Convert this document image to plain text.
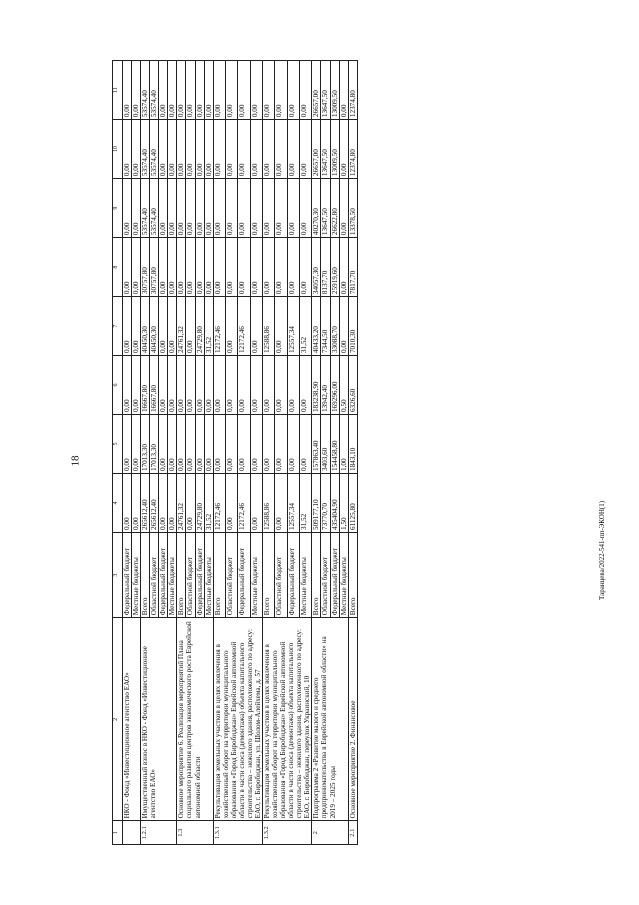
18
Таранцева/2022-541-пп-ЭКОН(1)
1	2	3	4	5	6	7	8	9	10	11
	НКО - Фонд «Инвестиционное агентство ЕАО»	Федеральный бюджет	0,00	0,00	0,00	0,00	0,00	0,00	0,00	0,00
		Местные бюджеты	0,00	0,00	0,00	0,00	0,00	0,00	0,00	0,00
1.2.1	Имущественный взнос в НКО - Фонд «Инвестиционное агентство ЕАО»	Всего	265612,40	17013,30	16667,80	40450,30	30757,80	53574,40	53574,40	53574,40
		Областной бюджет	265612,40	17013,30	16667,80	40450,30	30757,80	53574,40	53574,40	53574,40
		Федеральный бюджет	0,00	0,00	0,00	0,00	0,00	0,00	0,00	0,00
		Местные бюджеты	0,00	0,00	0,00	0,00	0,00	0,00	0,00	0,00
1.3	Основное мероприятие 6. Реализация мероприятий Плана социального развития центров экономического роста Еврейской автономной области	Всего	24761,32	0,00	0,00	24761,32	0,00	0,00	0,00	0,00
		Областной бюджет	0,00	0,00	0,00	0,00	0,00	0,00	0,00	0,00
		Федеральный бюджет	24729,80	0,00	0,00	24729,80	0,00	0,00	0,00	0,00
		Местные бюджеты	31,52	0,00	0,00	31,52	0,00	0,00	0,00	0,00
1.3.1	Рекультивация земельных участков в целях вовлечения в хозяйственный оборот на территории муниципального образования «Город Биробиджан» Еврейской автономной области в части сноса (демонтажа) объекта капитального строительства – нежилого здания, расположенного по адресу: ЕАО, г. Биробиджан, ул. Шолом-Алейхема, д. 57	Всего	12172,46	0,00	0,00	12172,46	0,00	0,00	0,00	0,00
		Областной бюджет	0,00	0,00	0,00	0,00	0,00	0,00	0,00	0,00
		Федеральный бюджет	12172,46	0,00	0,00	12172,46	0,00	0,00	0,00	0,00
		Местные бюджеты	0,00	0,00	0,00	0,00	0,00	0,00	0,00	0,00
1.3.2	Рекультивация земельных участков в целях вовлечения в хозяйственный оборот на территории муниципального образования «Город Биробиджан» Еврейской автономной области в части сноса (демонтажа) объекта капитального строительства – нежилого здания, расположенного по адресу: ЕАО, г. Биробиджан, переулок Украинский, 10	Всего	12588,86	0,00	0,00	12588,86	0,00	0,00	0,00	0,00
		Областной бюджет	0,00	0,00	0,00	0,00	0,00	0,00	0,00	0,00
		Федеральный бюджет	12557,34	0,00	0,00	12557,34	0,00	0,00	0,00	0,00
		Местные бюджеты	31,52	0,00	0,00	31,52	0,00	0,00	0,00	0,00
2	Подпрограмма 2 «Развитие малого и среднего предпринимательства в Еврейской автономной области» на 2019 – 2025 годы	Всего	509177,10	157863,40	183238,90	40433,20	34057,30	40270,30	26657,00	26657,00
		Областной бюджет	73770,70	3403,60	13942,40	7344,50	8137,70	13647,50	13647,50	13647,50
		Федеральный бюджет	435404,90	154458,80	169296,00	33088,70	25919,60	26622,80	13009,50	13009,50
		Местные бюджеты	1,50	1,00	0,50	0,00	0,00	0,00	0,00	0,00
2.1	Основное мероприятие 2. Финансовое	Всего	61125,80	1843,10	6326,60	7010,30	7817,70	13378,50	12374,80	12374,80
